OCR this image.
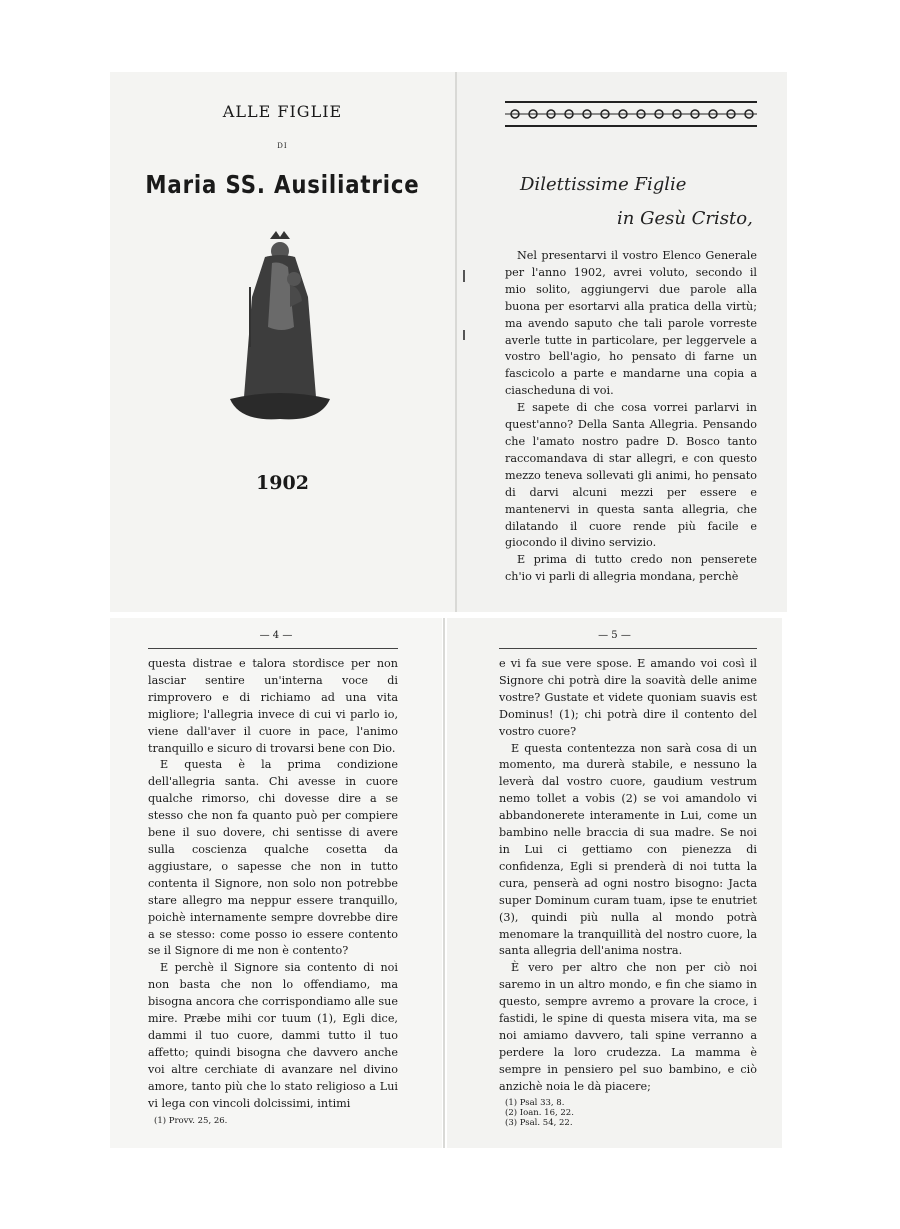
ALLE FIGLIE
DI
Maria SS. Ausiliatrice
1902
Dilettissime Figlie
in Gesù Cristo,

Nel presentarvi il vostro Elenco Generale per l'anno 1902, avrei voluto, secondo il mio solito, aggiungervi due parole alla buona per esortarvi alla pratica della virtù; ma avendo saputo che tali parole vorreste averle tutte in particolare, per leggervele a vostro bell'agio, ho pensato di farne un fascicolo a parte e mandarne una copia a ciascheduna di voi.

E sapete di che cosa vorrei parlarvi in quest'anno? Della Santa Allegria. Pensando che l'amato nostro padre D. Bosco tanto raccomandava di star allegri, e con questo mezzo teneva sollevati gli animi, ho pensato di darvi alcuni mezzi per essere e mantenervi in questa santa allegria, che dilatando il cuore rende più facile e giocondo il divino servizio.

E prima di tutto credo non penserete ch'io vi parli di allegria mondana, perchè

— 4 —

questa distrae e talora stordisce per non lasciar sentire un'interna voce di rimprovero e di richiamo ad una vita migliore; l'allegria invece di cui vi parlo io, viene dall'aver il cuore in pace, l'animo tranquillo e sicuro di trovarsi bene con Dio.

E questa è la prima condizione dell'allegria santa. Chi avesse in cuore qualche rimorso, chi dovesse dire a se stesso che non fa quanto può per compiere bene il suo dovere, chi sentisse di avere sulla coscienza qualche cosetta da aggiustare, o sapesse che non in tutto contenta il Signore, non solo non potrebbe stare allegro ma neppur essere tranquillo, poichè internamente sempre dovrebbe dire a se stesso: come posso io essere contento se il Signore di me non è contento?

E perchè il Signore sia contento di noi non basta che non lo offendiamo, ma bisogna ancora che corrispondiamo alle sue mire. Præbe mihi cor tuum (1), Egli dice, dammi il tuo cuore, dammi tutto il tuo affetto; quindi bisogna che davvero anche voi altre cerchiate di avanzare nel divino amore, tanto più che lo stato religioso a Lui vi lega con vincoli dolcissimi, intimi

(1) Provv. 25, 26.
— 5 —

e vi fa sue vere spose. E amando voi così il Signore chi potrà dire la soavità delle anime vostre? Gustate et videte quoniam suavis est Dominus! (1); chi potrà dire il contento del vostro cuore?

E questa contentezza non sarà cosa di un momento, ma durerà stabile, e nessuno la leverà dal vostro cuore, gaudium vestrum nemo tollet a vobis (2) se voi amandolo vi abbandonerete interamente in Lui, come un bambino nelle braccia di sua madre. Se noi in Lui ci gettiamo con pienezza di confidenza, Egli si prenderà di noi tutta la cura, penserà ad ogni nostro bisogno: Jacta super Dominum curam tuam, ipse te enutriet (3), quindi più nulla al mondo potrà menomare la tranquillità del nostro cuore, la santa allegria dell'anima nostra.

È vero per altro che non per ciò noi saremo in un altro mondo, e fin che siamo in questo, sempre avremo a provare la croce, i fastidi, le spine di questa misera vita, ma se noi amiamo davvero, tali spine verranno a perdere la loro crudezza. La mamma è sempre in pensiero pel suo bambino, e ciò anzichè noia le dà piacere;

(1) Psal 33, 8.
(2) Ioan. 16, 22.
(3) Psal. 54, 22.
